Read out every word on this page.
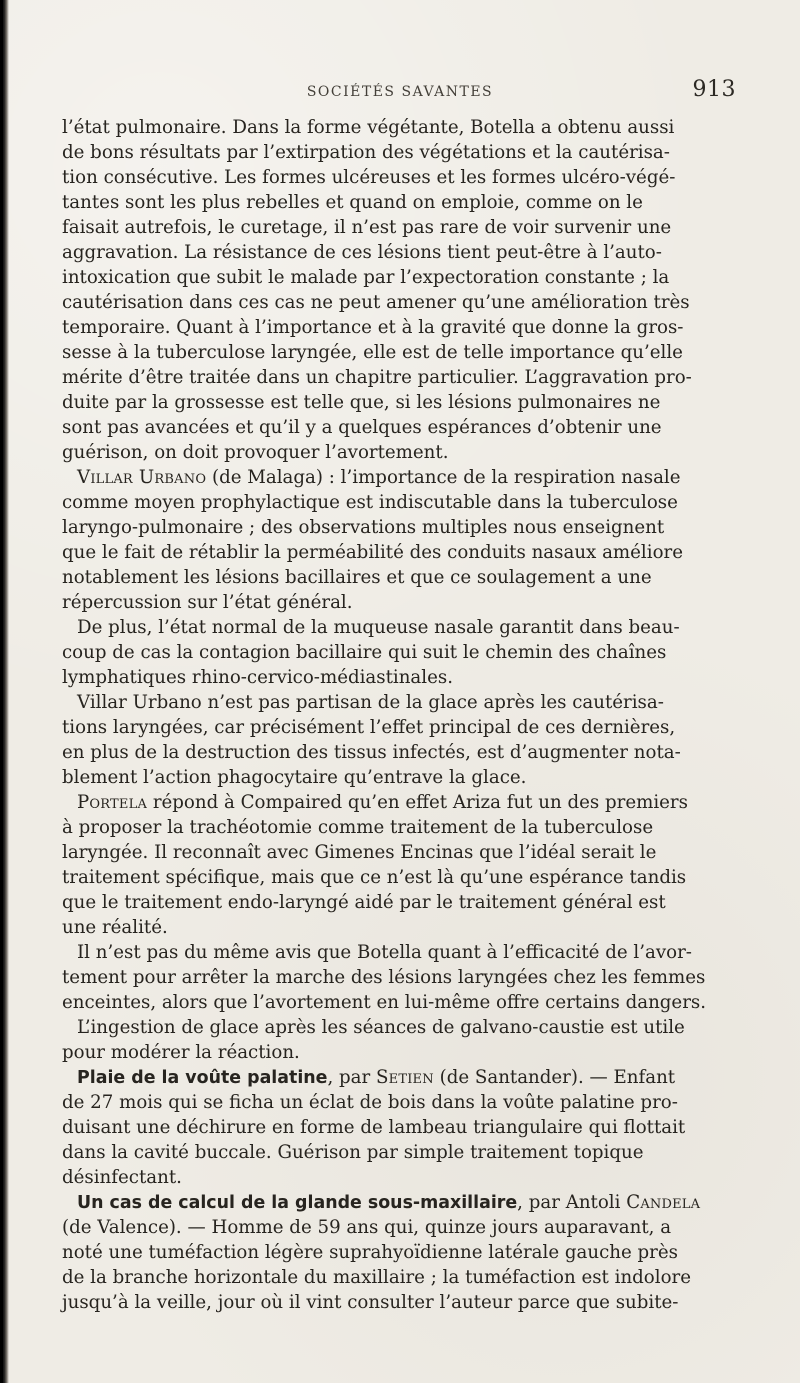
SOCIÉTÉS SAVANTES	913
l’état pulmonaire. Dans la forme végétante, Botella a obtenu aussi
de bons résultats par l’extirpation des végétations et la cautérisa-
tion consécutive. Les formes ulcéreuses et les formes ulcéro-végé-
tantes sont les plus rebelles et quand on emploie, comme on le
faisait autrefois, le curetage, il n’est pas rare de voir survenir une
aggravation. La résistance de ces lésions tient peut-être à l’auto-
intoxication que subit le malade par l’expectoration constante ; la
cautérisation dans ces cas ne peut amener qu’une amélioration très
temporaire. Quant à l’importance et à la gravité que donne la gros-
sesse à la tuberculose laryngée, elle est de telle importance qu’elle
mérite d’être traitée dans un chapitre particulier. L’aggravation pro-
duite par la grossesse est telle que, si les lésions pulmonaires ne
sont pas avancées et qu’il y a quelques espérances d’obtenir une
guérison, on doit provoquer l’avortement.
Villar Urbano (de Malaga) : l’importance de la respiration nasale
comme moyen prophylactique est indiscutable dans la tuberculose
laryngo-pulmonaire ; des observations multiples nous enseignent
que le fait de rétablir la perméabilité des conduits nasaux améliore
notablement les lésions bacillaires et que ce soulagement a une
répercussion sur l’état général.
De plus, l’état normal de la muqueuse nasale garantit dans beau-
coup de cas la contagion bacillaire qui suit le chemin des chaînes
lymphatiques rhino-cervico-médiastinales.
Villar Urbano n’est pas partisan de la glace après les cautérisa-
tions laryngées, car précisément l’effet principal de ces dernières,
en plus de la destruction des tissus infectés, est d’augmenter nota-
blement l’action phagocytaire qu’entrave la glace.
Portela répond à Compaired qu’en effet Ariza fut un des premiers
à proposer la trachéotomie comme traitement de la tuberculose
laryngée. Il reconnaît avec Gimenes Encinas que l’idéal serait le
traitement spécifique, mais que ce n’est là qu’une espérance tandis
que le traitement endo-laryngé aidé par le traitement général est
une réalité.
Il n’est pas du même avis que Botella quant à l’efficacité de l’avor-
tement pour arrêter la marche des lésions laryngées chez les femmes
enceintes, alors que l’avortement en lui-même offre certains dangers.
L’ingestion de glace après les séances de galvano-caustie est utile
pour modérer la réaction.
Plaie de la voûte palatine, par Setien (de Santander). — Enfant
de 27 mois qui se ficha un éclat de bois dans la voûte palatine pro-
duisant une déchirure en forme de lambeau triangulaire qui flottait
dans la cavité buccale. Guérison par simple traitement topique
désinfectant.
Un cas de calcul de la glande sous-maxillaire, par Antoli Candela
(de Valence). — Homme de 59 ans qui, quinze jours auparavant, a
noté une tuméfaction légère suprahyoïdienne latérale gauche près
de la branche horizontale du maxillaire ; la tuméfaction est indolore
jusqu’à la veille, jour où il vint consulter l’auteur parce que subite-
